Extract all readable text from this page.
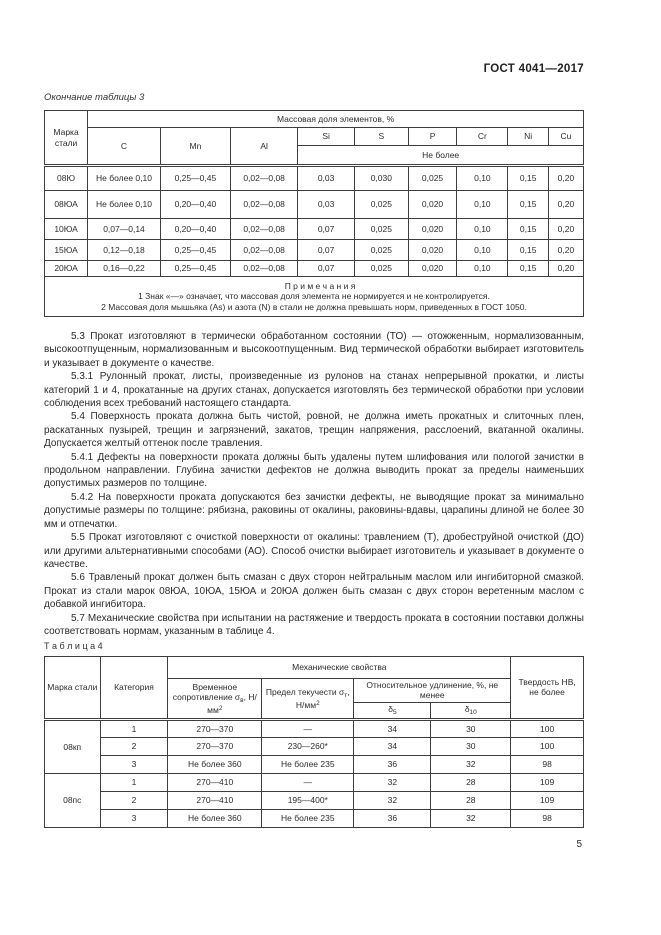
ГОСТ 4041—2017
Окончание таблицы 3
Марка стали	Массовая доля элементов, %								
	C	Mn	Al	Si	S	P	Cr	Ni	Cu
				Не более					
08Ю	Не более 0,10	0,25—0,45	0,02—0,08	0,03	0,030	0,025	0,10	0,15	0,20
08ЮА	Не более 0,10	0,20—0,40	0,02—0,08	0,03	0,025	0,020	0,10	0,15	0,20
10ЮА	0,07—0,14	0,20—0,40	0,02—0,08	0,07	0,025	0,020	0,10	0,15	0,20
15ЮА	0,12—0,18	0,25—0,45	0,02—0,08	0,07	0,025	0,020	0,10	0,15	0,20
20ЮА	0,16—0,22	0,25—0,45	0,02—0,08	0,07	0,025	0,020	0,10	0,15	0,20

П р и м е ч а н и я
1 Знак «—» означает, что массовая доля элемента не нормируется и не контролируется.
2 Массовая доля мышьяка (As) и азота (N) в стали не должна превышать норм, приведенных в ГОСТ 1050.									

5.3 Прокат изготовляют в термически обработанном состоянии (ТО) — отожженным, нормализованным, высокоотпущенным, нормализованным и высокоотпущенным. Вид термической обработки выбирает изготовитель и указывает в документе о качестве.

5.3.1 Рулонный прокат, листы, произведенные из рулонов на станах непрерывной прокатки, и листы категорий 1 и 4, прокатанные на других станах, допускается изготовлять без термической обработки при условии соблюдения всех требований настоящего стандарта.

5.4 Поверхность проката должна быть чистой, ровной, не должна иметь прокатных и слиточных плен, раскатанных пузырей, трещин и загрязнений, закатов, трещин напряжения, расслоений, вкатанной окалины. Допускается желтый оттенок после травления.

5.4.1 Дефекты на поверхности проката должны быть удалены путем шлифования или пологой зачистки в продольном направлении. Глубина зачистки дефектов не должна выводить прокат за пределы наименьших допустимых размеров по толщине.

5.4.2 На поверхности проката допускаются без зачистки дефекты, не выводящие прокат за минимально допустимые размеры по толщине: рябизна, раковины от окалины, раковины-вдавы, царапины длиной не более 30 мм и отпечатки.

5.5 Прокат изготовляют с очисткой поверхности от окалины: травлением (Т), дробеструйной очисткой (ДО) или другими альтернативными способами (АО). Способ очистки выбирает изготовитель и указывает в документе о качестве.

5.6 Травленый прокат должен быть смазан с двух сторон нейтральным маслом или ингибиторной смазкой. Прокат из стали марок 08ЮА, 10ЮА, 15ЮА и 20ЮА должен быть смазан с двух сторон веретенным маслом с добавкой ингибитора.

5.7 Механические свойства при испытании на растяжение и твердость проката в состоянии поставки должны соответствовать нормам, указанным в таблице 4.

Т а б л и ц а 4
Марка стали	Категория	Механические свойства				Твердость НВ, не более
		Временное сопротивление $\sigma_в$, $Н/мм^2$	Предел текучести $\sigma_т$, $Н/мм^2$	Относительное удлинение, %, не менее		
				$\delta_5$	$\delta_{10}$
08кп	1	270—370	—	34	30	100
	2	270—370	230—260*	34	30	100
	3	Не более 360	Не более 235	36	32	98
08пс	1	270—410	—	32	28	109
	2	270—410	195—400*	32	28	109
	3	Не более 360	Не более 235	36	32	98
5
